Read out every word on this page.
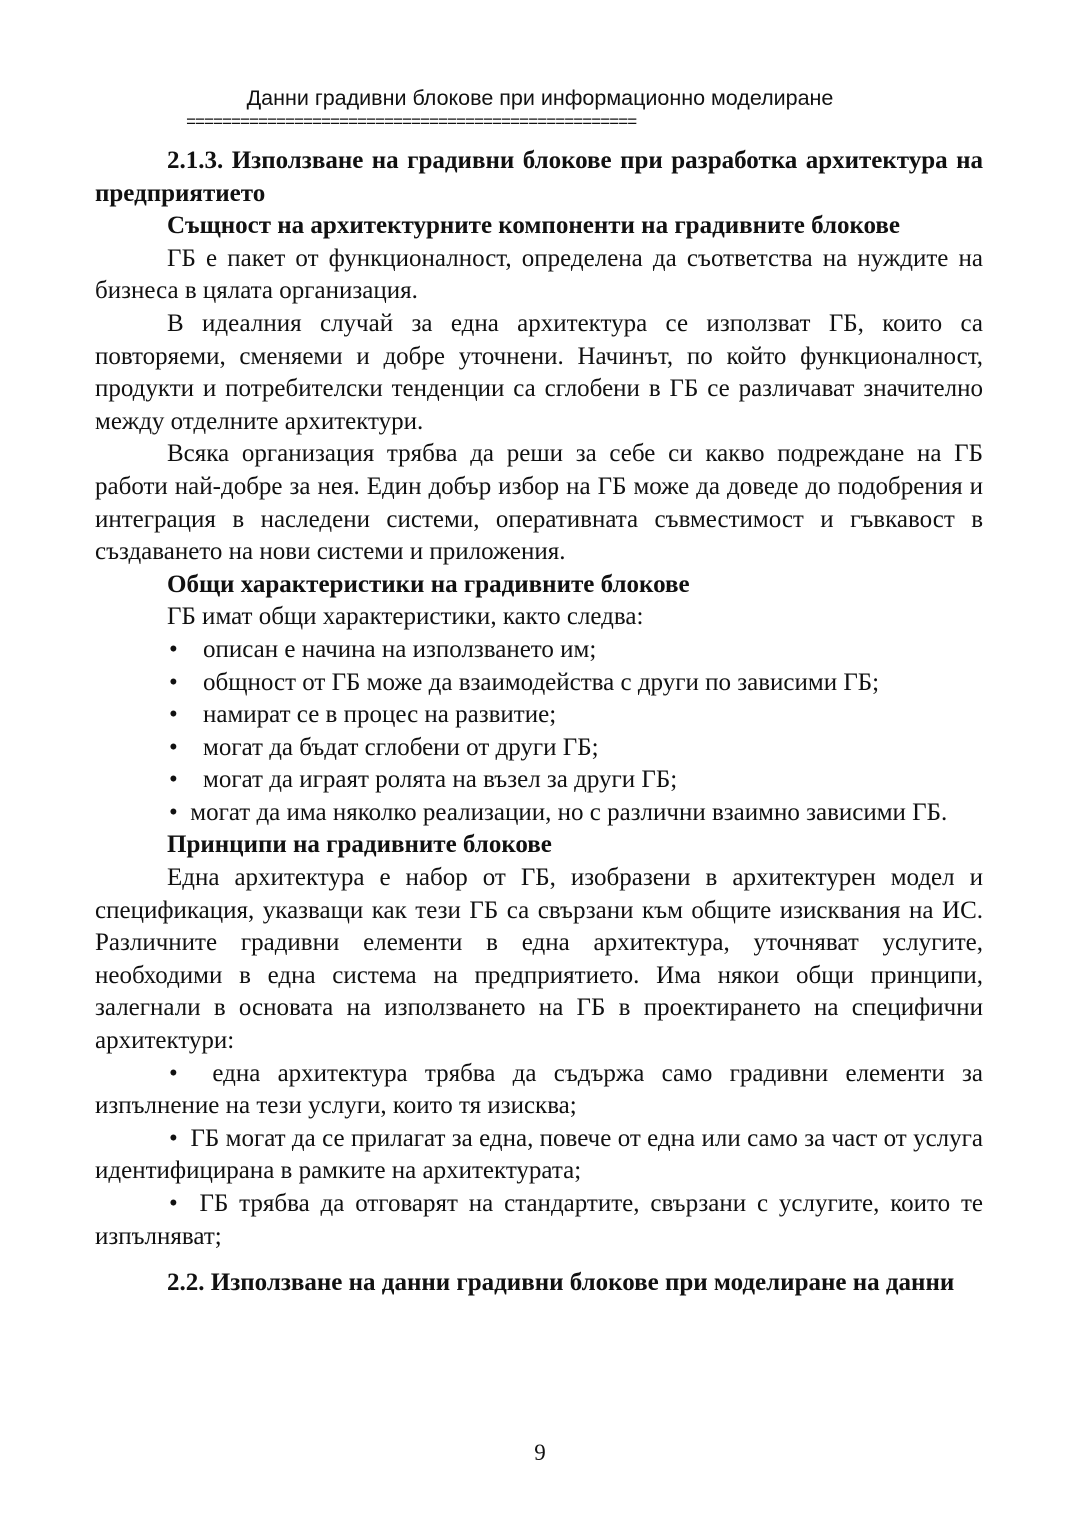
Данни градивни блокове при информационно моделиране
==================================================

2.1.3. Използване на градивни блокове при разработка архитектура на предприятието

Същност на архитектурните компоненти на градивните блокове

ГБ е пакет от функционалност, определена да съответства на нуждите на бизнеса в цялата организация.

В идеалния случай за една архитектура се използват ГБ, които са повторяеми, сменяеми и добре уточнени. Начинът, по който функционалност, продукти и потребителски тенденции са сглобени в ГБ се различават значително между отделните архитектури.

Всяка организация трябва да реши за себе си какво подреждане на ГБ работи най-добре за нея. Един добър избор на ГБ може да доведе до подобрения и интеграция в наследени системи, оперативната съвместимост и гъвкавост в създаването на нови системи и приложения.

Общи характеристики на градивните блокове

ГБ имат общи характеристики, както следва:

• описан е начина на използването им;

• общност от ГБ може да взаимодейства с други по зависими ГБ;

• намират се в процес на развитие;

• могат да бъдат сглобени от други ГБ;

• могат да играят ролята на възел за други ГБ;

•  могат да има няколко реализации, но с различни взаимно зависими ГБ.

Принципи на градивните блокове

Една архитектура е набор от ГБ, изобразени в архитектурен модел и спецификация, указващи как тези ГБ са свързани към общите изисквания на ИС. Различните градивни елементи в една архитектура, уточняват услугите, необходими в една система на предприятието. Има някои общи принципи, залегнали в основата на използването на ГБ в проектирането на специфични архитектури:

•  една архитектура трябва да съдържа само градивни елементи за изпълнение на тези услуги, които тя изисква;

•  ГБ могат да се прилагат за една, повече от една или само за част от услуга идентифицирана в рамките на архитектурата;

•  ГБ трябва да отговарят на стандартите, свързани с услугите, които те изпълняват;

2.2. Използване на данни градивни блокове при моделиране на данни

9
